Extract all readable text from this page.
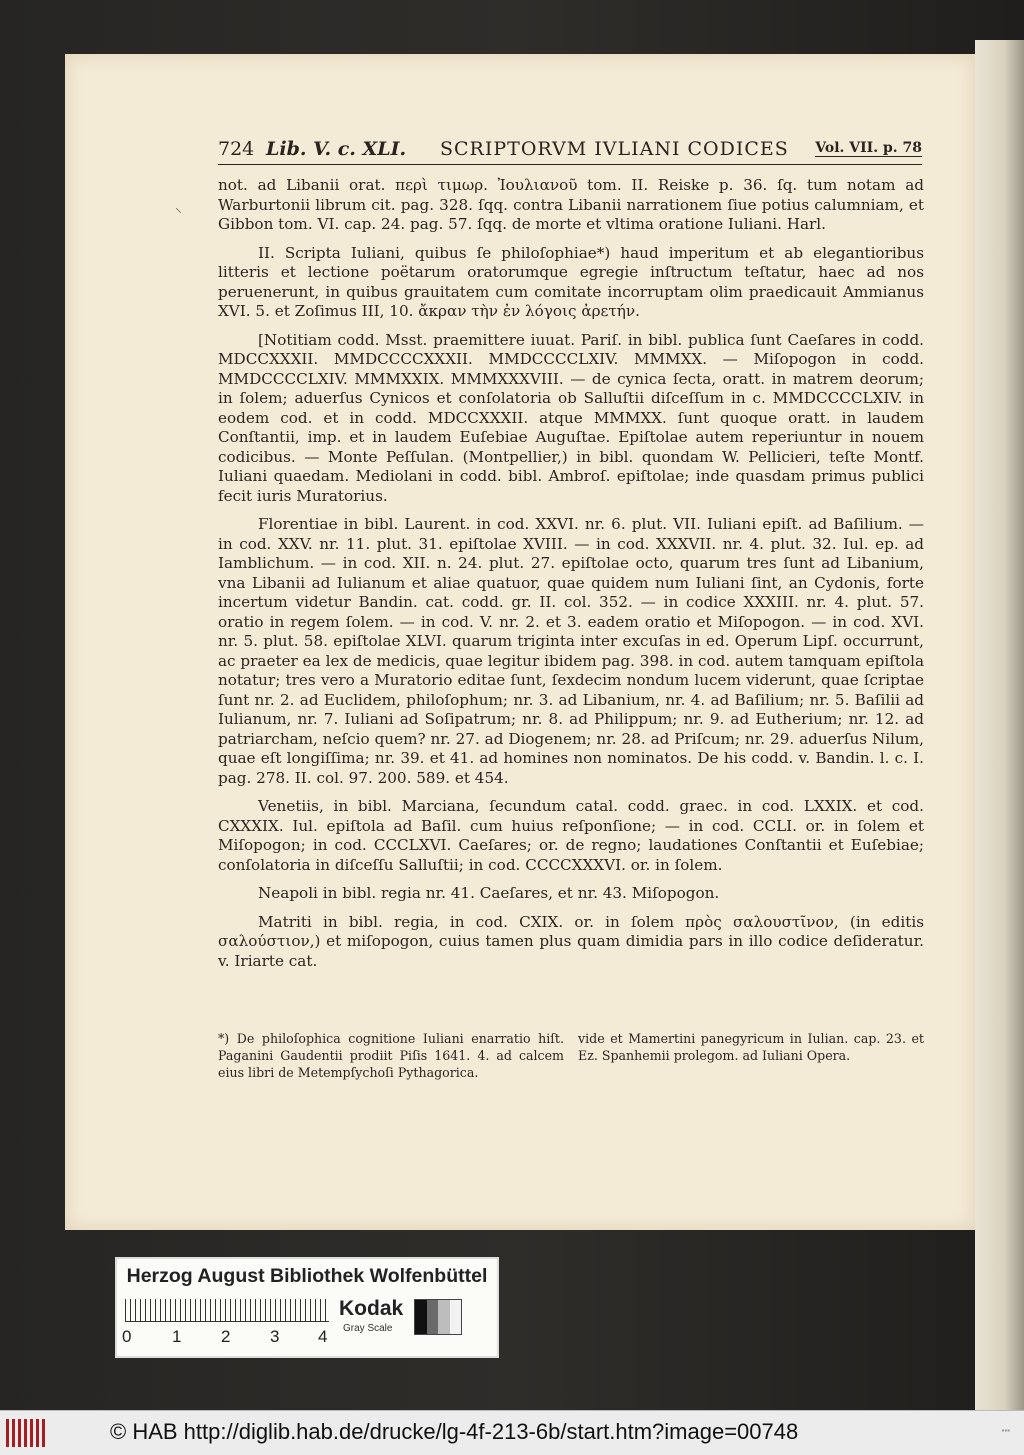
724 Lib. V. c. XLI. SCRIPTORVM IVLIANI CODICES Vol. VII. p. 78
⸜

not. ad Libanii orat. περὶ τιμωρ. Ἰουλιανοῦ tom. II. Reiske p. 36. ſq. tum notam ad Warburtonii librum cit. pag. 328. ſqq. contra Libanii narrationem ſiue potius calumniam, et Gibbon tom. VI. cap. 24. pag. 57. ſqq. de morte et vltima oratione Iuliani. Harl.

II. Scripta Iuliani, quibus ſe philoſophiae*) haud imperitum et ab elegantioribus litteris et lectione poëtarum oratorumque egregie inſtructum teſtatur, haec ad nos peruenerunt, in quibus grauitatem cum comitate incorruptam olim praedicauit Ammianus XVI. 5. et Zoſimus III, 10. ἄκραν τὴν ἐν λόγοις ἀρετήν.

[Notitiam codd. Msst. praemittere iuuat. Pariſ. in bibl. publica ſunt Caeſares in codd. MDCCXXXII. MMDCCCCXXXII. MMDCCCCLXIV. MMMXX. — Miſopogon in codd. MMDCCCCLXIV. MMMXXIX. MMMXXXVIII. — de cynica ſecta, oratt. in matrem deorum; in ſolem; aduerſus Cynicos et conſolatoria ob Salluſtii diſceſſum in c. MMDCCCCLXIV. in eodem cod. et in codd. MDCCXXXII. atque MMMXX. ſunt quoque oratt. in laudem Conſtantii, imp. et in laudem Euſebiae Auguſtae. Epiſtolae autem reperiuntur in nouem codicibus. — Monte Peſſulan. (Montpellier,) in bibl. quondam W. Pellicieri, teſte Montf. Iuliani quaedam. Mediolani in codd. bibl. Ambroſ. epiſtolae; inde quasdam primus publici fecit iuris Muratorius.

Florentiae in bibl. Laurent. in cod. XXVI. nr. 6. plut. VII. Iuliani epiſt. ad Baſilium. — in cod. XXV. nr. 11. plut. 31. epiſtolae XVIII. — in cod. XXXVII. nr. 4. plut. 32. Iul. ep. ad Iamblichum. — in cod. XII. n. 24. plut. 27. epiſtolae octo, quarum tres ſunt ad Libanium, vna Libanii ad Iulianum et aliae quatuor, quae quidem num Iuliani ſint, an Cydonis, forte incertum videtur Bandin. cat. codd. gr. II. col. 352. — in codice XXXIII. nr. 4. plut. 57. oratio in regem ſolem. — in cod. V. nr. 2. et 3. eadem oratio et Miſopogon. — in cod. XVI. nr. 5. plut. 58. epiſtolae XLVI. quarum triginta inter excuſas in ed. Operum Lipſ. occurrunt, ac praeter ea lex de medicis, quae legitur ibidem pag. 398. in cod. autem tamquam epiſtola notatur; tres vero a Muratorio editae ſunt, ſexdecim nondum lucem viderunt, quae ſcriptae ſunt nr. 2. ad Euclidem, philoſophum; nr. 3. ad Libanium, nr. 4. ad Baſilium; nr. 5. Baſilii ad Iulianum, nr. 7. Iuliani ad Soſipatrum; nr. 8. ad Philippum; nr. 9. ad Eutherium; nr. 12. ad patriarcham, neſcio quem? nr. 27. ad Diogenem; nr. 28. ad Priſcum; nr. 29. aduerſus Nilum, quae eſt longiſſima; nr. 39. et 41. ad homines non nominatos. De his codd. v. Bandin. l. c. I. pag. 278. II. col. 97. 200. 589. et 454.

Venetiis, in bibl. Marciana, ſecundum catal. codd. graec. in cod. LXXIX. et cod. CXXXIX. Iul. epiſtola ad Baſil. cum huius reſponſione; — in cod. CCLI. or. in ſolem et Miſopogon; in cod. CCCLXVI. Caeſares; or. de regno; laudationes Conſtantii et Euſebiae; conſolatoria in diſceſſu Salluſtii; in cod. CCCCXXXVI. or. in ſolem.

Neapoli in bibl. regia nr. 41. Caeſares, et nr. 43. Miſopogon.

Matriti in bibl. regia, in cod. CXIX. or. in ſolem πρὸς σαλουστῖνον, (in editis σαλούστιον,) et miſopogon, cuius tamen plus quam dimidia pars in illo codice deſideratur. v. Iriarte cat.

*) De philoſophica cognitione Iuliani enarratio hiſt. Paganini Gaudentii prodiit Piſis 1641. 4. ad calcem eius libri de Metempſychoſi Pythagorica.
vide et Mamertini panegyricum in Iulian. cap. 23. et Ez. Spanhemii prolegom. ad Iuliani Opera.
Herzog August Bibliothek Wolfenbüttel
0 1 2 3 4
Kodak
Gray Scale
© HAB http://diglib.hab.de/drucke/lg-4f-213-6b/start.htm?image=00748	▪▪▪
